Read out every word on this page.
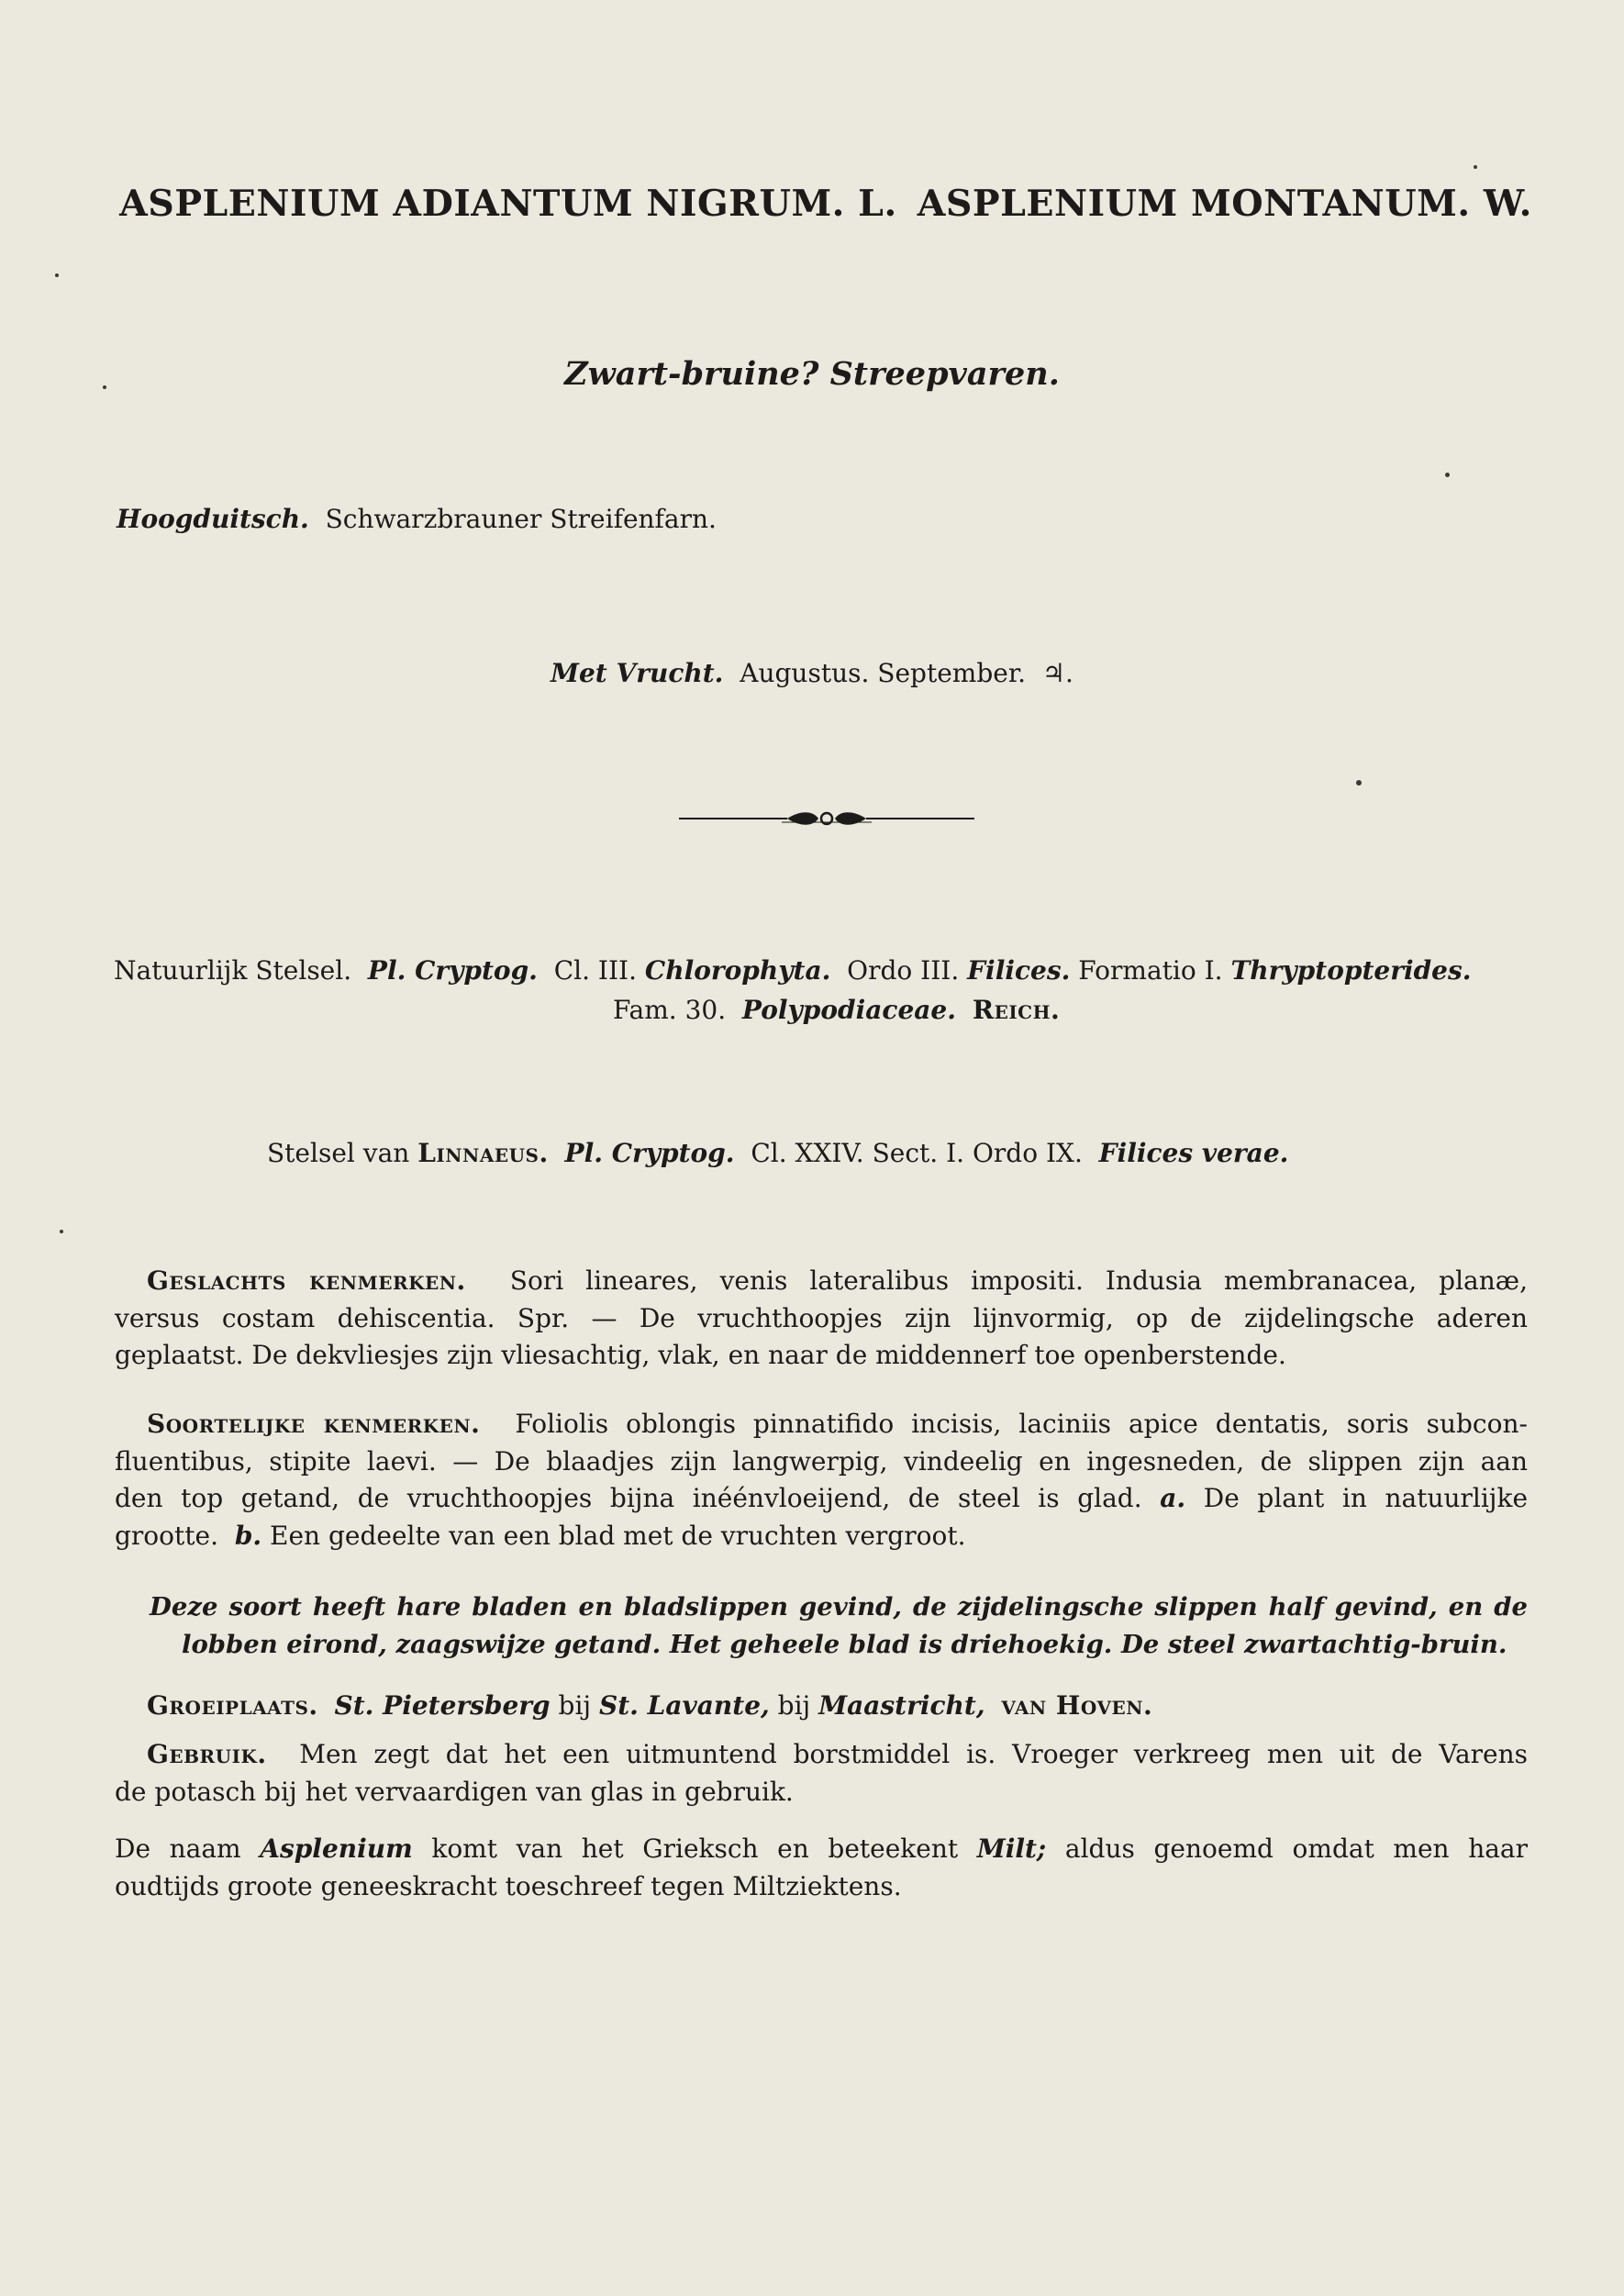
ASPLENIUM ADIANTUM NIGRUM. L. ASPLENIUM MONTANUM. W.
Zwart-bruine? Streepvaren.
Hoogduitsch. Schwarzbrauner Streifenfarn.
Met Vrucht. Augustus. September. ♃.
Natuurlijk Stelsel. Pl. Cryptog. Cl. III. Chlorophyta. Ordo III. Filices. Formatio I. Thryptopterides.
Fam. 30. Polypodiaceae. Reich.
Stelsel van Linnaeus. Pl. Cryptog. Cl. XXIV. Sect. I. Ordo IX. Filices verae.
Geslachts kenmerken. Sori lineares, venis lateralibus impositi. Indusia membranacea, planæ,
versus costam dehiscentia. Spr. — De vruchthoopjes zijn lijnvormig, op de zijdelingsche aderen
geplaatst. De dekvliesjes zijn vliesachtig, vlak, en naar de middennerf toe openberstende.
Soortelijke kenmerken. Foliolis oblongis pinnatifido incisis, laciniis apice dentatis, soris subcon-
fluentibus, stipite laevi. — De blaadjes zijn langwerpig, vindeelig en ingesneden, de slippen zijn aan
den top getand, de vruchthoopjes bijna inéénvloeijend, de steel is glad. a. De plant in natuurlijke
grootte. b. Een gedeelte van een blad met de vruchten vergroot.
Deze soort heeft hare bladen en bladslippen gevind, de zijdelingsche slippen half gevind, en de
lobben eirond, zaagswijze getand. Het geheele blad is driehoekig. De steel zwartachtig-bruin.
Groeiplaats. St. Pietersberg bij St. Lavante, bij Maastricht, van Hoven.
Gebruik. Men zegt dat het een uitmuntend borstmiddel is. Vroeger verkreeg men uit de Varens
de potasch bij het vervaardigen van glas in gebruik.
De naam Asplenium komt van het Grieksch en beteekent Milt; aldus genoemd omdat men haar
oudtijds groote geneeskracht toeschreef tegen Miltziektens.
